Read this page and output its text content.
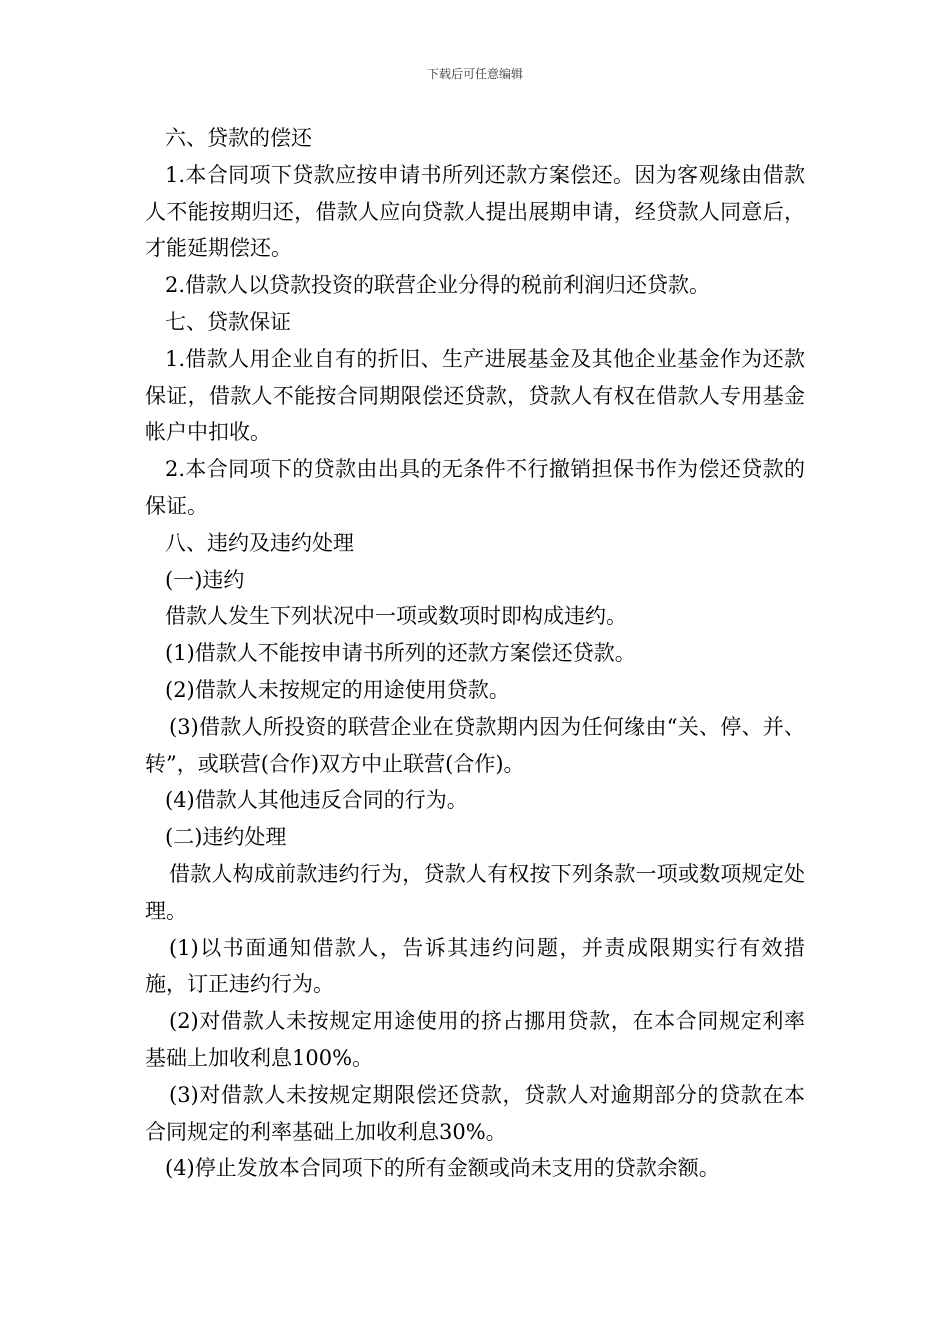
下载后可任意编辑

六、贷款的偿还

1.本合同项下贷款应按申请书所列还款方案偿还。因为客观缘由借款人不能按期归还，借款人应向贷款人提出展期申请，经贷款人同意后，才能延期偿还。

2.借款人以贷款投资的联营企业分得的税前利润归还贷款。

七、贷款保证

1.借款人用企业自有的折旧、生产进展基金及其他企业基金作为还款保证，借款人不能按合同期限偿还贷款，贷款人有权在借款人专用基金帐户中扣收。

2.本合同项下的贷款由出具的无条件不行撤销担保书作为偿还贷款的保证。

八、违约及违约处理

(一)违约

借款人发生下列状况中一项或数项时即构成违约。

(1)借款人不能按申请书所列的还款方案偿还贷款。

(2)借款人未按规定的用途使用贷款。

(3)借款人所投资的联营企业在贷款期内因为任何缘由“关、停、并、转”，或联营(合作)双方中止联营(合作)。

(4)借款人其他违反合同的行为。

(二)违约处理

借款人构成前款违约行为，贷款人有权按下列条款一项或数项规定处理。

(1)以书面通知借款人，告诉其违约问题，并责成限期实行有效措施，订正违约行为。

(2)对借款人未按规定用途使用的挤占挪用贷款，在本合同规定利率基础上加收利息100%。

(3)对借款人未按规定期限偿还贷款，贷款人对逾期部分的贷款在本合同规定的利率基础上加收利息30%。

(4)停止发放本合同项下的所有金额或尚未支用的贷款余额。
